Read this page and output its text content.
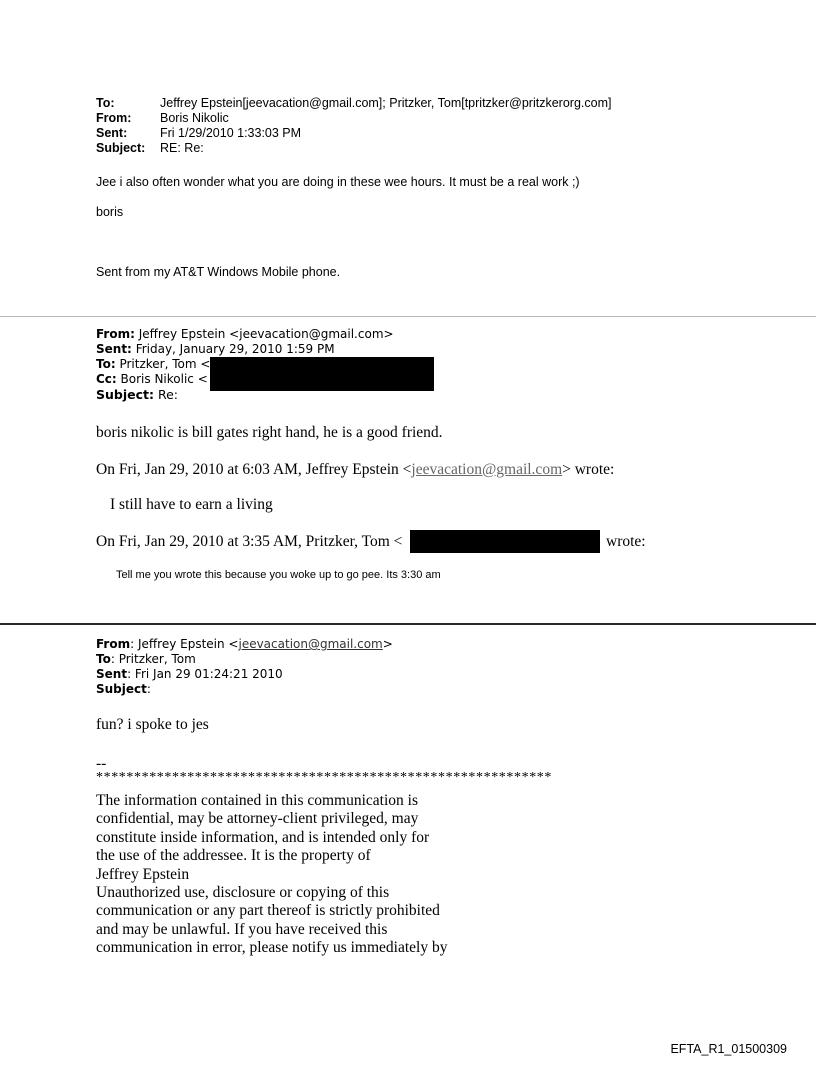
To:	Jeffrey Epstein[jeevacation@gmail.com]; Pritzker, Tom[tpritzker@pritzkerorg.com]
From: Boris Nikolic
Sent:	Fri 1/29/2010 1:33:03 PM
Subject: RE: Re:
Jee i also often wonder what you are doing in these wee hours. It must be a real work ;)
boris
Sent from my AT&T Windows Mobile phone.
From: Jeffrey Epstein <jeevacation@gmail.com>
Sent: Friday, January 29, 2010 1:59 PM
To: Pritzker, Tom <
Cc: Boris Nikolic <
Subject: Re:
boris nikolic is bill gates right hand, he is a good friend.
On Fri, Jan 29, 2010 at 6:03 AM, Jeffrey Epstein <jeevacation@gmail.com> wrote:
I still have to earn a living
On Fri, Jan 29, 2010 at 3:35 AM, Pritzker, Tom <	wrote:
Tell me you wrote this because you woke up to go pee. Its 3:30 am
From: Jeffrey Epstein <jeevacation@gmail.com>
To: Pritzker, Tom
Sent: Fri Jan 29 01:24:21 2010
Subject:
fun? i spoke to jes
--
************************************************************
The information contained in this communication is
confidential, may be attorney-client privileged, may
constitute inside information, and is intended only for
the use of the addressee. It is the property of
Jeffrey Epstein
Unauthorized use, disclosure or copying of this
communication or any part thereof is strictly prohibited
and may be unlawful. If you have received this
communication in error, please notify us immediately by
EFTA_R1_01500309
